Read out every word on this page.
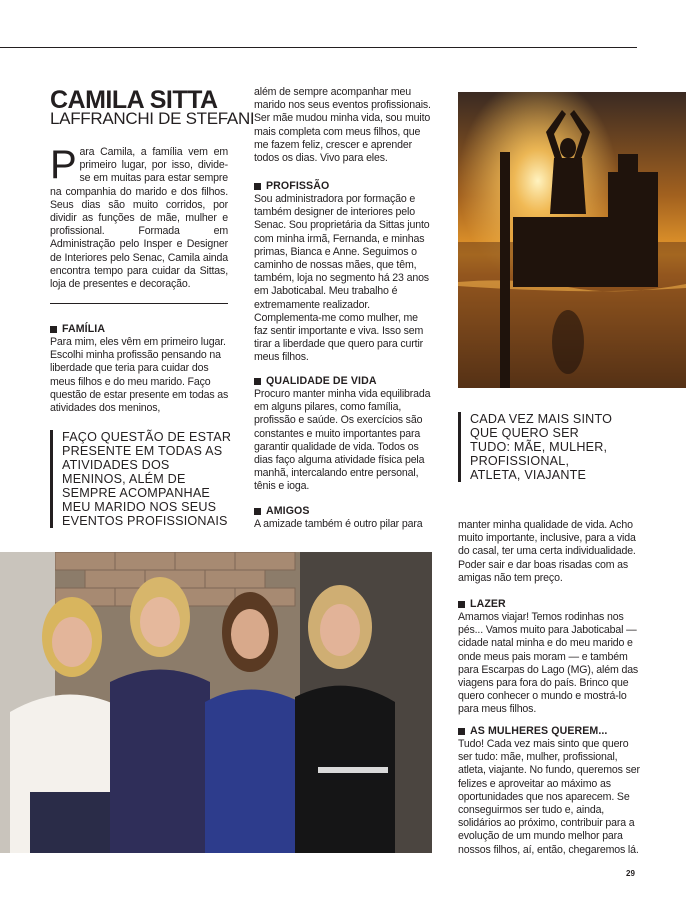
CAMILA SITTA
LAFFRANCHI DE STEFANI
Para Camila, a família vem em primeiro lugar, por isso, divide-se em muitas para estar sempre na companhia do marido e dos filhos. Seus dias são muito corridos, por dividir as funções de mãe, mulher e profissional. Formada em Administração pelo Insper e Designer de Interiores pelo Senac, Camila ainda encontra tempo para cuidar da Sittas, loja de presentes e decoração.
FAMÍLIA
Para mim, eles vêm em primeiro lugar. Escolhi minha profissão pensando na liberdade que teria para cuidar dos meus filhos e do meu marido. Faço questão de estar presente em todas as atividades dos meninos,
FAÇO QUESTÃO DE ESTAR PRESENTE EM TODAS AS ATIVIDADES DOS MENINOS, ALÉM DE SEMPRE ACOMPANHAE MEU MARIDO NOS SEUS EVENTOS PROFISSIONAIS
além de sempre acompanhar meu marido nos seus eventos profissionais. Ser mãe mudou minha vida, sou muito mais completa com meus filhos, que me fazem feliz, crescer e aprender todos os dias. Vivo para eles.
PROFISSÃO
Sou administradora por formação e também designer de interiores pelo Senac. Sou proprietária da Sittas junto com minha irmã, Fernanda, e minhas primas, Bianca e Anne. Seguimos o caminho de nossas mães, que têm, também, loja no segmento há 23 anos em Jaboticabal. Meu trabalho é extremamente realizador. Complementa-me como mulher, me faz sentir importante e viva. Isso sem tirar a liberdade que quero para curtir meus filhos.
QUALIDADE DE VIDA
Procuro manter minha vida equilibrada em alguns pilares, como família, profissão e saúde. Os exercícios são constantes e muito importantes para garantir qualidade de vida. Todos os dias faço alguma atividade física pela manhã, intercalando entre personal, tênis e ioga.
AMIGOS
A amizade também é outro pilar para
CADA VEZ MAIS SINTO QUE QUERO SER TUDO: MÃE, MULHER, PROFISSIONAL, ATLETA, VIAJANTE
manter minha qualidade de vida. Acho muito importante, inclusive, para a vida do casal, ter uma certa individualidade. Poder sair e dar boas risadas com as amigas não tem preço.
LAZER
Amamos viajar! Temos rodinhas nos pés... Vamos muito para Jaboticabal — cidade natal minha e do meu marido e onde meus pais moram — e também para Escarpas do Lago (MG), além das viagens para fora do país. Brinco que quero conhecer o mundo e mostrá-lo para meus filhos.
AS MULHERES QUEREM...
Tudo! Cada vez mais sinto que quero ser tudo: mãe, mulher, profissional, atleta, viajante. No fundo, queremos ser felizes e aproveitar ao máximo as oportunidades que nos aparecem. Se conseguirmos ser tudo e, ainda, solidários ao próximo, contribuir para a evolução de um mundo melhor para nossos filhos, aí, então, chegaremos lá.
29
